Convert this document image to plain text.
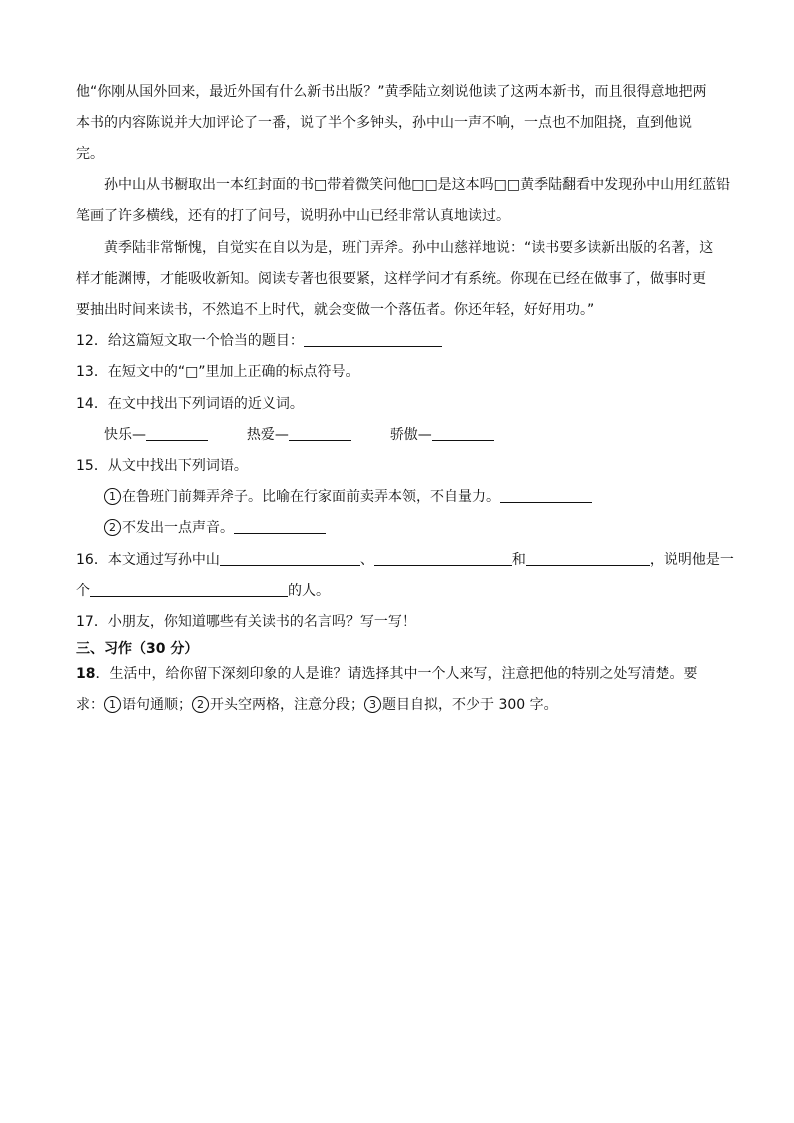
他“你刚从国外回来，最近外国有什么新书出版？”黄季陆立刻说他读了这两本新书，而且很得意地把两
本书的内容陈说并大加评论了一番，说了半个多钟头，孙中山一声不响，一点也不加阻挠，直到他说
完。
孙中山从书橱取出一本红封面的书□带着微笑问他□□是这本吗□□黄季陆翻看中发现孙中山用红蓝铅
笔画了许多横线，还有的打了问号，说明孙中山已经非常认真地读过。
黄季陆非常惭愧，自觉实在自以为是，班门弄斧。孙中山慈祥地说：“读书要多读新出版的名著，这
样才能渊博，才能吸收新知。阅读专著也很要紧，这样学问才有系统。你现在已经在做事了，做事时更
要抽出时间来读书，不然追不上时代，就会变做一个落伍者。你还年轻，好好用功。”
12．给这篇短文取一个恰当的题目：
13．在短文中的“□”里加上正确的标点符号。
14．在文中找出下列词语的近义词。
快乐—	热爱—	骄傲—
15．从文中找出下列词语。
1 在鲁班门前舞弄斧子。比喻在行家面前卖弄本领，不自量力。
2 不发出一点声音。
16．本文通过写孙中山	、	和	，说明他是一
个	的人。
17．小朋友，你知道哪些有关读书的名言吗？写一写！
三、习作（30 分）
18．生活中，给你留下深刻印象的人是谁？请选择其中一个人来写，注意把他的特别之处写清楚。要
求： 1 语句通顺； 2 开头空两格，注意分段； 3 题目自拟，不少于 300 字。
